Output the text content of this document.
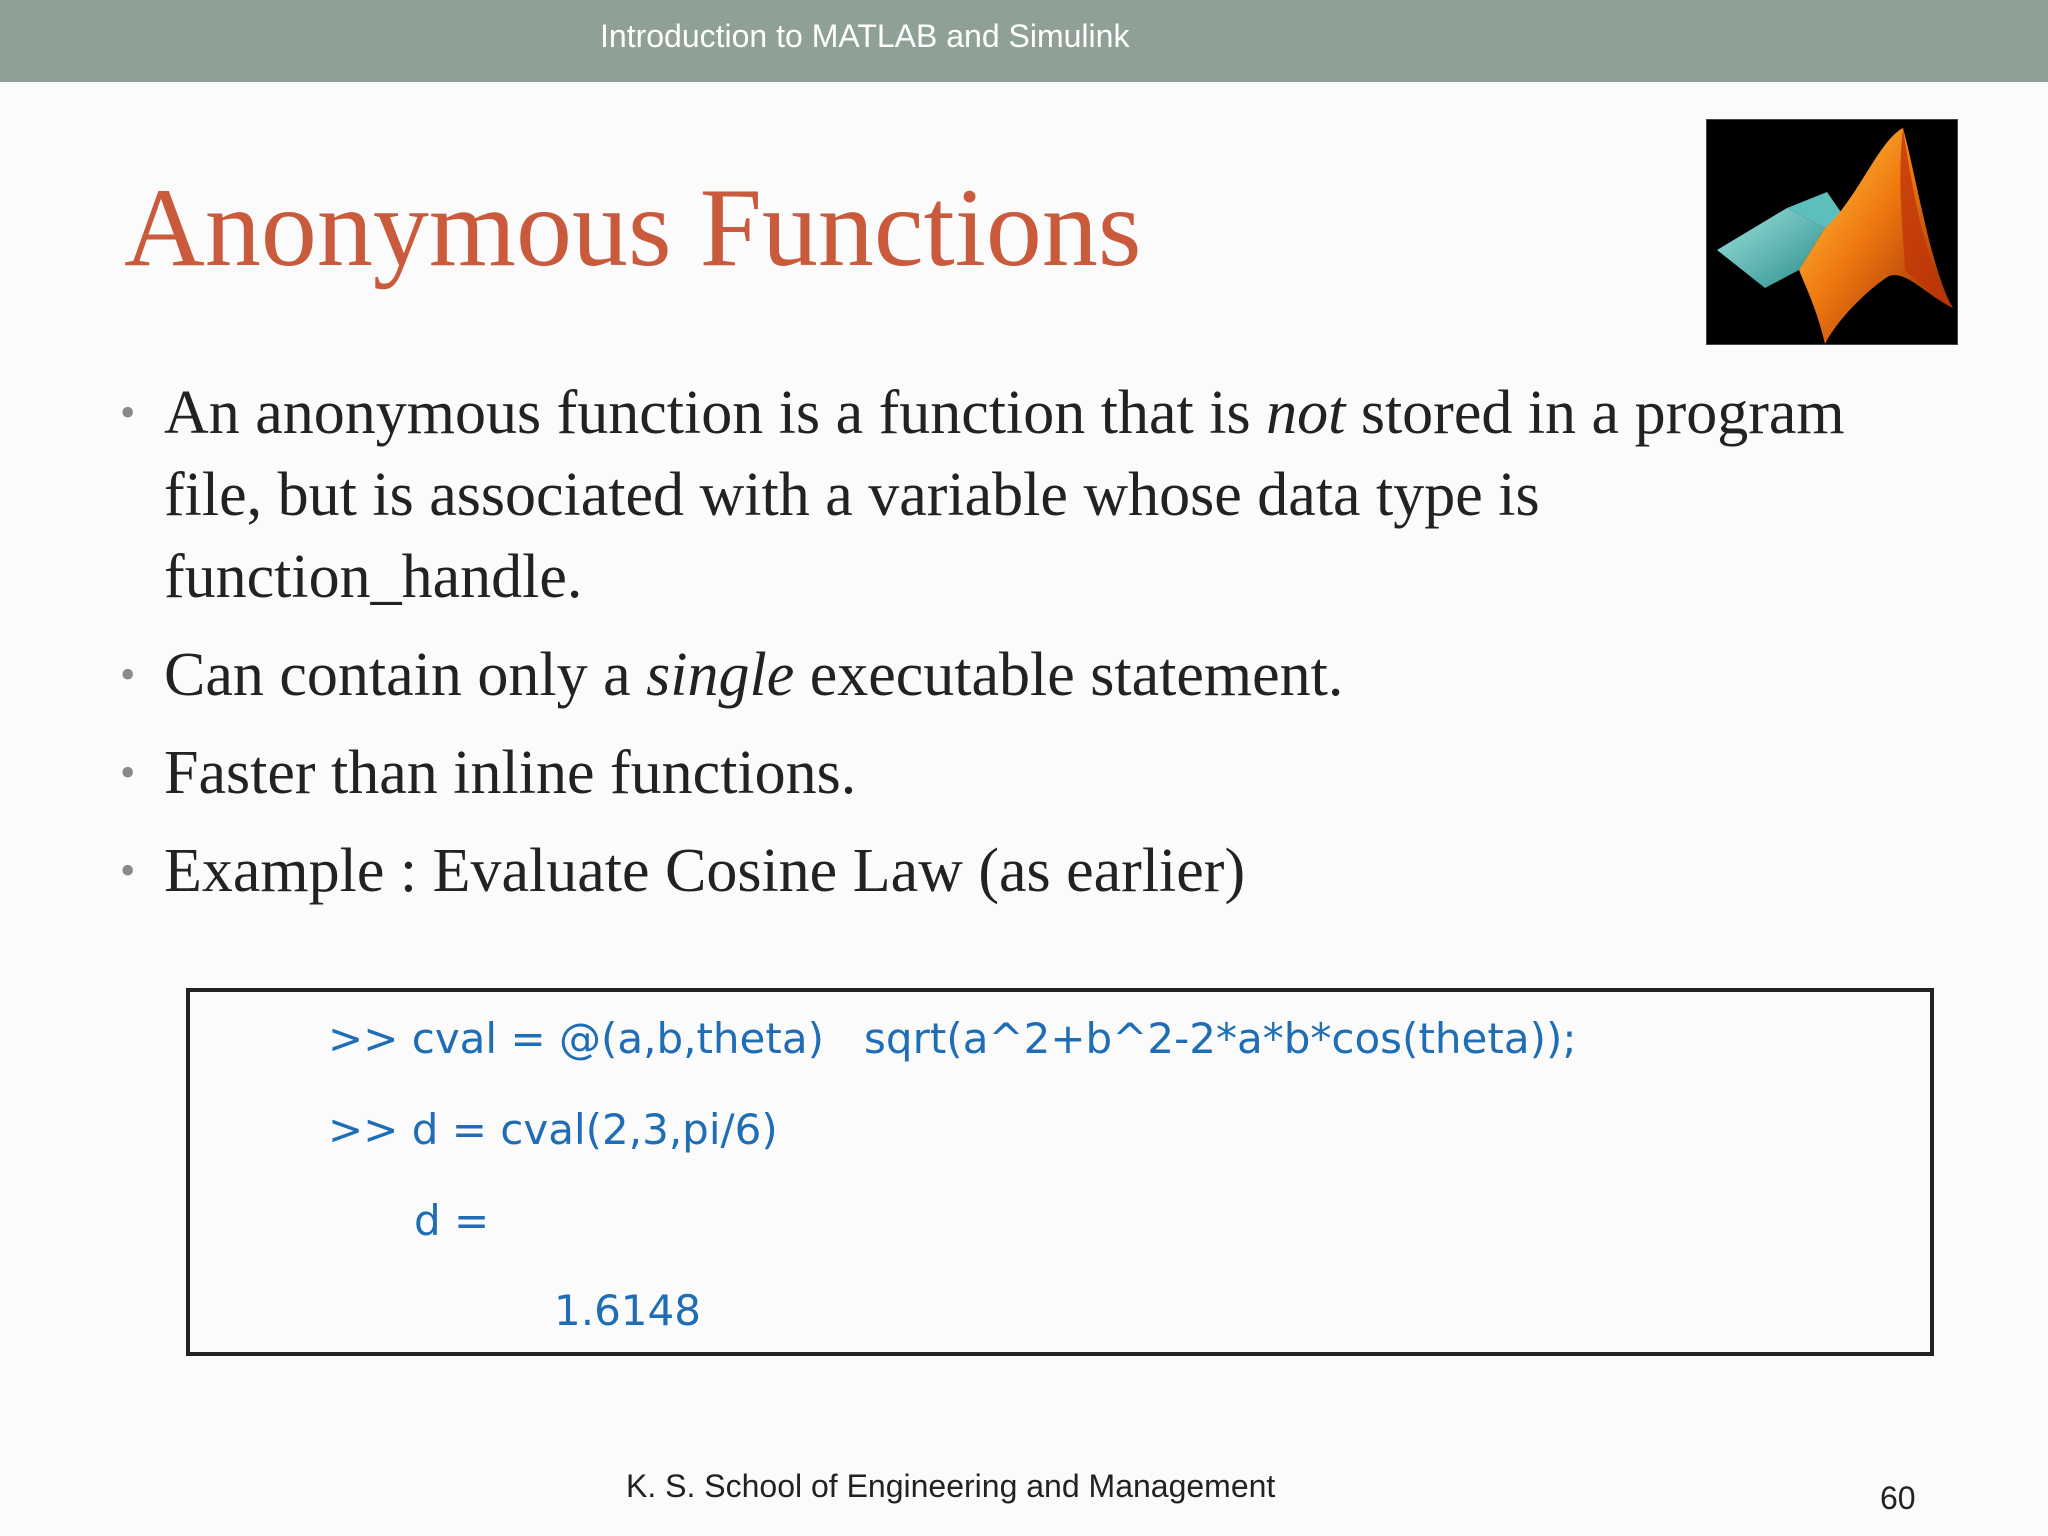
Introduction to MATLAB and Simulink
Anonymous Functions
• An anonymous function is a function that is not stored in a program file, but is associated with a variable whose data type is function_handle.
• Can contain only a single executable statement.
• Faster than inline functions.
• Example : Evaluate Cosine Law (as earlier)
>> cval = @(a,b,theta)   sqrt(a^2+b^2-2*a*b*cos(theta));
>> d = cval(2,3,pi/6)
d =
1.6148
K. S. School of Engineering and Management	60
